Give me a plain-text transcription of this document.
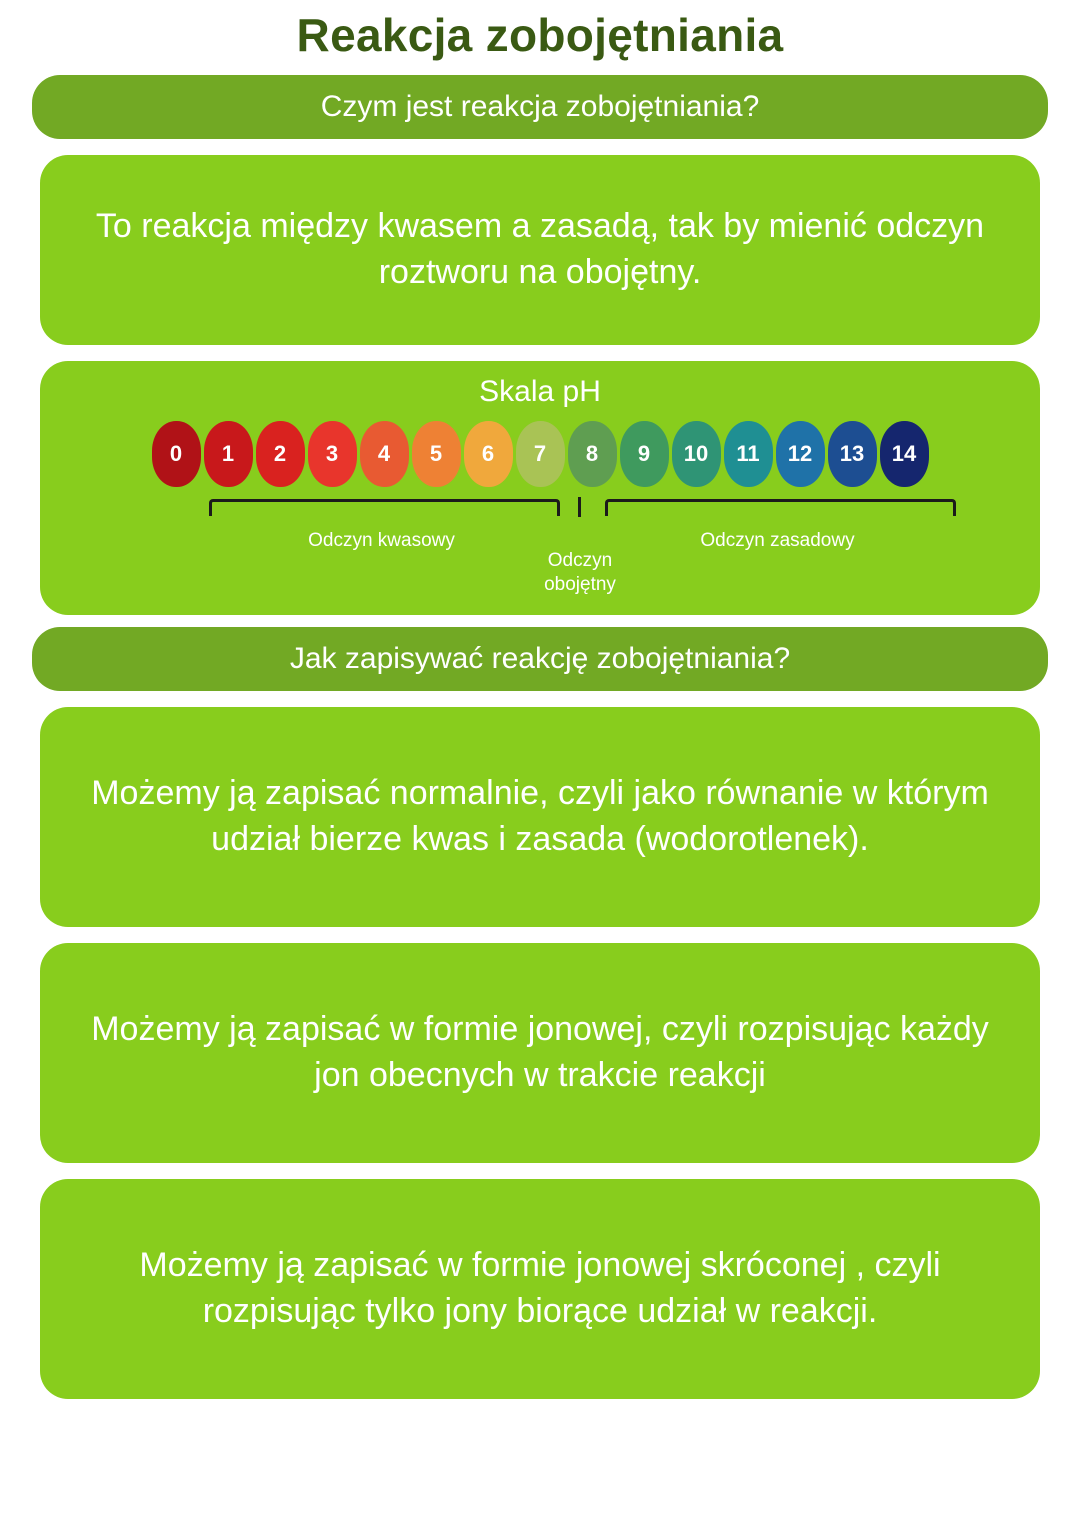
Reakcja zobojętniania
Czym jest reakcja zobojętniania?
To reakcja między kwasem a zasadą, tak by mienić odczyn roztworu na obojętny.
Skala pH
0	1	2	3	4	5	6	7	8	9	10	11	12	13	14
Odczyn kwasowy
Odczyn obojętny
Odczyn zasadowy
Jak zapisywać reakcję zobojętniania?
Możemy ją zapisać normalnie, czyli jako równanie w którym udział bierze kwas i zasada (wodorotlenek).
Możemy ją zapisać w formie jonowej, czyli rozpisując każdy jon obecnych w trakcie reakcji
Możemy ją zapisać w formie jonowej skróconej , czyli rozpisując tylko jony biorące udział w reakcji.
